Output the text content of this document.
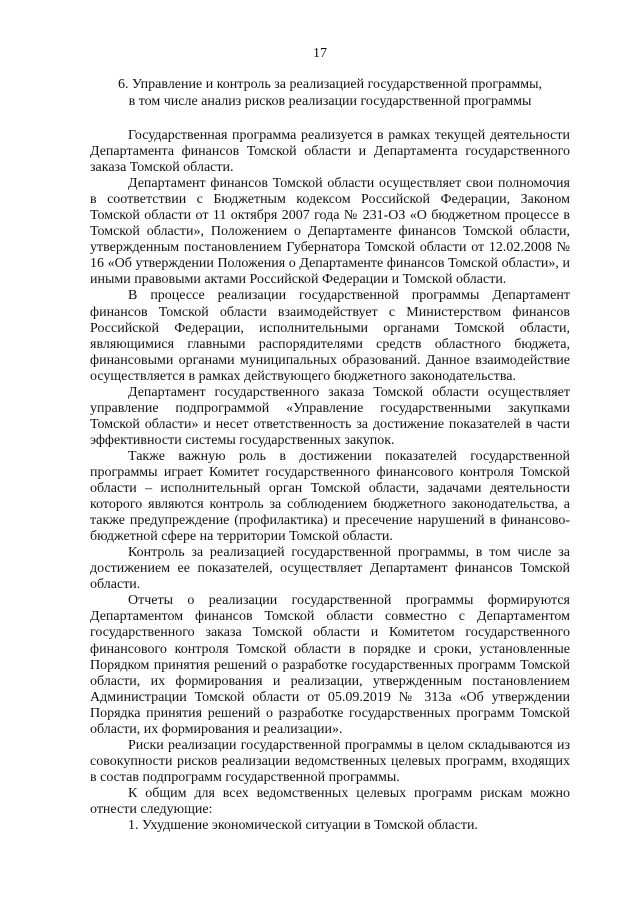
17
6. Управление и контроль за реализацией государственной программы,
в том числе анализ рисков реализации государственной программы

Государственная программа реализуется в рамках текущей деятельности Департамента финансов Томской области и Департамента государственного заказа Томской области.

Департамент финансов Томской области осуществляет свои полномочия в соответствии с Бюджетным кодексом Российской Федерации, Законом Томской области от 11 октября 2007 года № 231-ОЗ «О бюджетном процессе в Томской области», Положением о Департаменте финансов Томской области, утвержденным постановлением Губернатора Томской области от 12.02.2008 № 16 «Об утверждении Положения о Департаменте финансов Томской области», и иными правовыми актами Российской Федерации и Томской области.

В процессе реализации государственной программы Департамент финансов Томской области взаимодействует с Министерством финансов Российской Федерации, исполнительными органами Томской области, являющимися главными распорядителями средств областного бюджета, финансовыми органами муниципальных образований. Данное взаимодействие осуществляется в рамках действующего бюджетного законодательства.

Департамент государственного заказа Томской области осуществляет управление подпрограммой «Управление государственными закупками Томской области» и несет ответственность за достижение показателей в части эффективности системы государственных закупок.

Также важную роль в достижении показателей государственной программы играет Комитет государственного финансового контроля Томской области – исполнительный орган Томской области, задачами деятельности которого являются контроль за соблюдением бюджетного законодательства, а также предупреждение (профилактика) и пресечение нарушений в финансово-бюджетной сфере на территории Томской области.

Контроль за реализацией государственной программы, в том числе за достижением ее показателей, осуществляет Департамент финансов Томской области.

Отчеты о реализации государственной программы формируются Департаментом финансов Томской области совместно с Департаментом государственного заказа Томской области и Комитетом государственного финансового контроля Томской области в порядке и сроки, установленные Порядком принятия решений о разработке государственных программ Томской области, их формирования и реализации, утвержденным постановлением Администрации Томской области от 05.09.2019 № 313а «Об утверждении Порядка принятия решений о разработке государственных программ Томской области, их формирования и реализации».

Риски реализации государственной программы в целом складываются из совокупности рисков реализации ведомственных целевых программ, входящих в состав подпрограмм государственной программы.

К общим для всех ведомственных целевых программ рискам можно отнести следующие:

1. Ухудшение экономической ситуации в Томской области.
